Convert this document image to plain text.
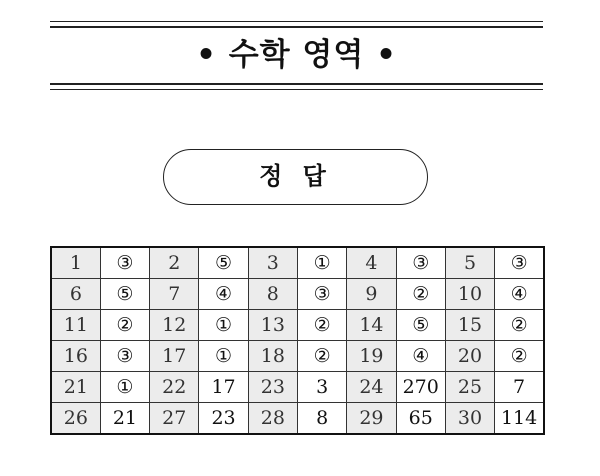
• 수학 영역 •
정 답
1	③	2	⑤	3	①	4	③	5	③
6	⑤	7	④	8	③	9	②	10	④
11	②	12	①	13	②	14	⑤	15	②
16	③	17	①	18	②	19	④	20	②
21	①	22	17	23	3	24	270	25	7
26	21	27	23	28	8	29	65	30	114
